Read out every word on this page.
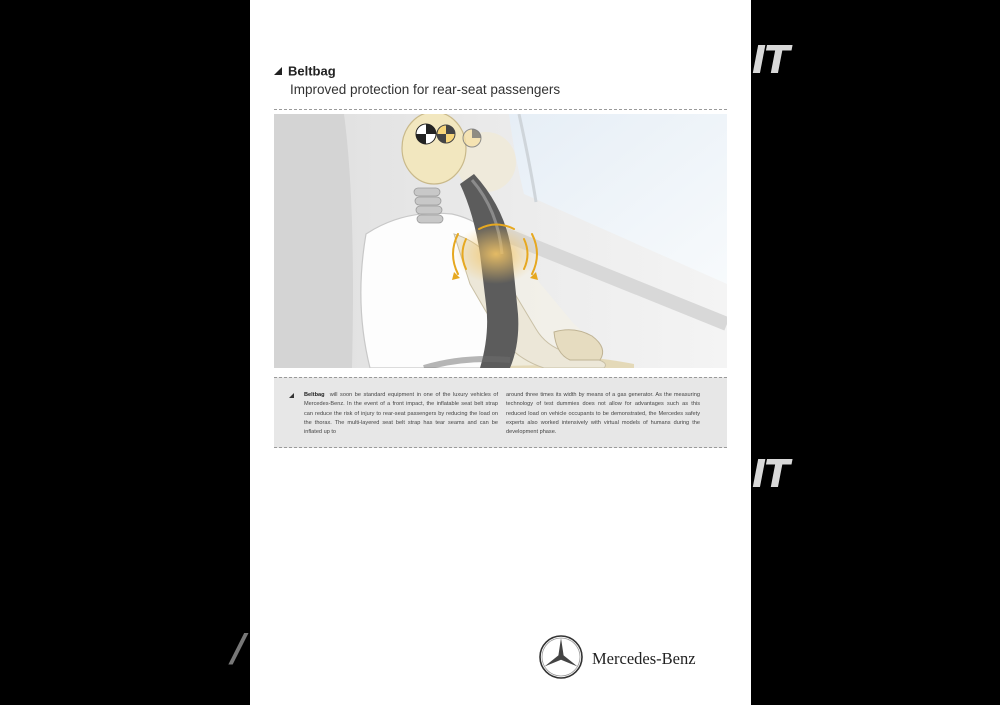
IT
IT
/
Beltbag
Improved protection for rear-seat passengers
Beltbag will soon be standard equipment in one of the luxury vehicles of Mercedes-Benz. In the event of a front impact, the inflatable seat belt strap can reduce the risk of injury to rear-seat passengers by reducing the load on the thorax. The multi-layered seat belt strap has tear seams and can be inflated up to
around three times its width by means of a gas generator. As the measuring technology of test dummies does not allow for advantages such as this reduced load on vehicle occupants to be demonstrated, the Mercedes safety experts also worked intensively with virtual models of humans during the development phase.
Mercedes-Benz
